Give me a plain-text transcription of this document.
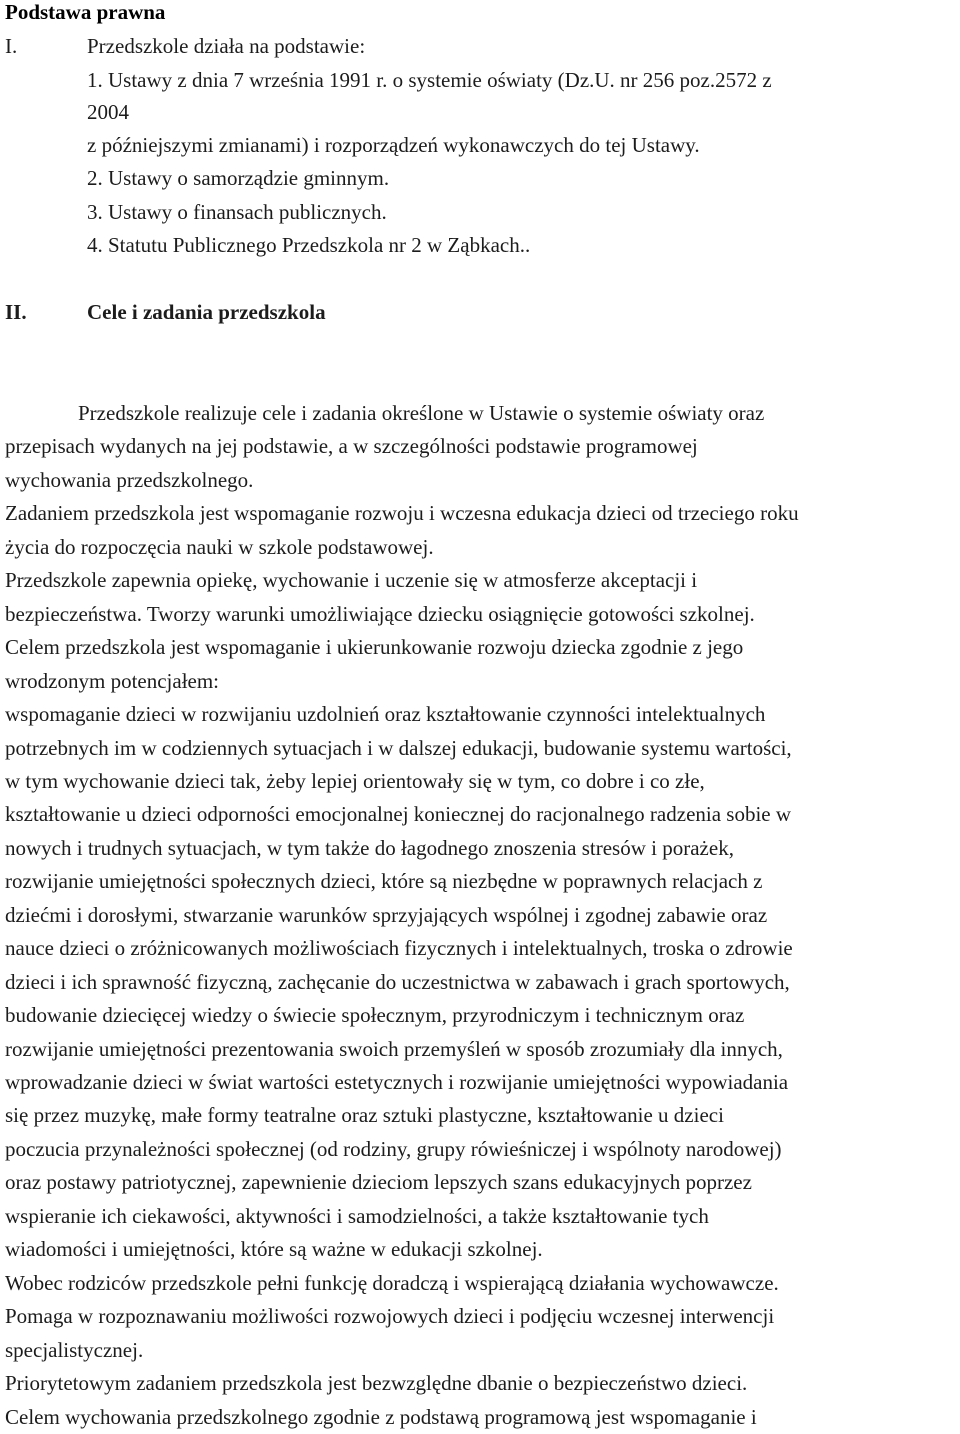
Podstawa prawna
I.	Przedszkole działa na podstawie:
1. Ustawy z dnia 7 września 1991 r. o systemie oświaty (Dz.U. nr 256 poz.2572 z
2004
z późniejszymi zmianami) i rozporządzeń wykonawczych do tej Ustawy.
2. Ustawy o samorządzie gminnym.
3. Ustawy o finansach publicznych.
4. Statutu Publicznego Przedszkola nr 2 w Ząbkach..
II.	Cele i zadania przedszkola
Przedszkole realizuje cele i zadania określone w Ustawie o systemie oświaty oraz
przepisach wydanych na jej podstawie, a w szczególności podstawie programowej
wychowania przedszkolnego.
Zadaniem przedszkola jest wspomaganie rozwoju i wczesna edukacja dzieci od trzeciego roku
życia do rozpoczęcia nauki w szkole podstawowej.
Przedszkole zapewnia opiekę, wychowanie i uczenie się w atmosferze akceptacji i
bezpieczeństwa. Tworzy warunki umożliwiające dziecku osiągnięcie gotowości szkolnej.
Celem przedszkola jest wspomaganie i ukierunkowanie rozwoju dziecka zgodnie z jego
wrodzonym potencjałem:
wspomaganie dzieci w rozwijaniu uzdolnień oraz kształtowanie czynności intelektualnych
potrzebnych im w codziennych sytuacjach i w dalszej edukacji, budowanie systemu wartości,
w tym wychowanie dzieci tak, żeby lepiej orientowały się w tym, co dobre i co złe,
kształtowanie u dzieci odporności emocjonalnej koniecznej do racjonalnego radzenia sobie w
nowych i trudnych sytuacjach, w tym także do łagodnego znoszenia stresów i porażek,
rozwijanie umiejętności społecznych dzieci, które są niezbędne w poprawnych relacjach z
dziećmi i dorosłymi, stwarzanie warunków sprzyjających wspólnej i zgodnej zabawie oraz
nauce dzieci o zróżnicowanych możliwościach fizycznych i intelektualnych, troska o zdrowie
dzieci i ich sprawność fizyczną, zachęcanie do uczestnictwa w zabawach i grach sportowych,
budowanie dziecięcej wiedzy o świecie społecznym, przyrodniczym i technicznym oraz
rozwijanie umiejętności prezentowania swoich przemyśleń w sposób zrozumiały dla innych,
wprowadzanie dzieci w świat wartości estetycznych i rozwijanie umiejętności wypowiadania
się przez muzykę, małe formy teatralne oraz sztuki plastyczne, kształtowanie u dzieci
poczucia przynależności społecznej (od rodziny, grupy rówieśniczej i wspólnoty narodowej)
oraz postawy patriotycznej, zapewnienie dzieciom lepszych szans edukacyjnych poprzez
wspieranie ich ciekawości, aktywności i samodzielności, a także kształtowanie tych
wiadomości i umiejętności, które są ważne w edukacji szkolnej.
Wobec rodziców przedszkole pełni funkcję doradczą i wspierającą działania wychowawcze.
Pomaga w rozpoznawaniu możliwości rozwojowych dzieci i podjęciu wczesnej interwencji
specjalistycznej.
Priorytetowym zadaniem przedszkola jest bezwzględne dbanie o bezpieczeństwo dzieci.
Celem wychowania przedszkolnego zgodnie z podstawą programową jest wspomaganie i
